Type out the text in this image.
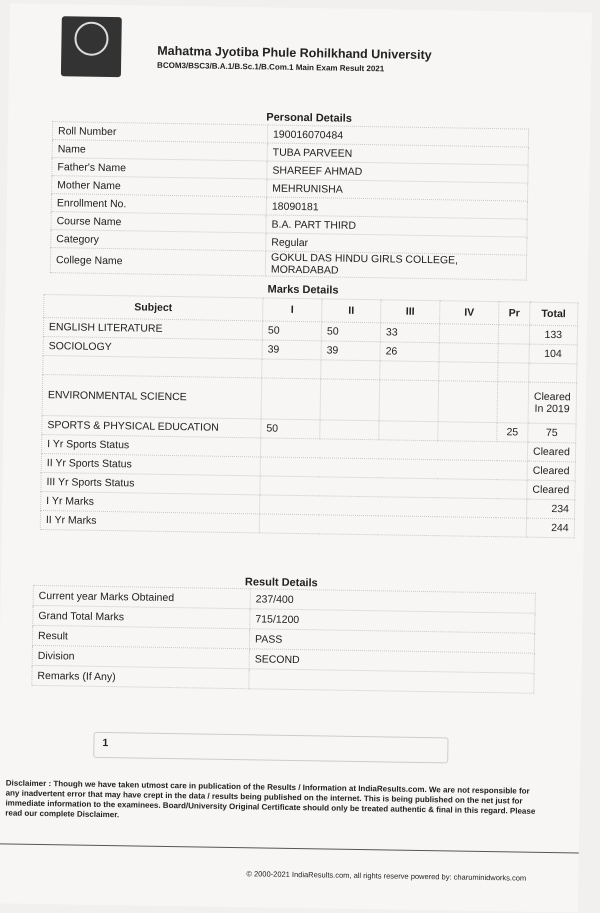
Mahatma Jyotiba Phule Rohilkhand University
BCOM3/BSC3/B.A.1/B.Sc.1/B.Com.1 Main Exam Result 2021
Personal Details
Roll Number	190016070484
Name	TUBA PARVEEN
Father's Name	SHAREEF AHMAD
Mother Name	MEHRUNISHA
Enrollment No.	18090181
Course Name	B.A. PART THIRD
Category	Regular
College Name	GOKUL DAS HINDU GIRLS COLLEGE, MORADABAD
Marks Details
Subject	I	II	III	IV	Pr	Total
ENGLISH LITERATURE	50	50	33			133
SOCIOLOGY	39	39	26			104

ENVIRONMENTAL SCIENCE						Cleared In 2019
SPORTS & PHYSICAL EDUCATION	50				25	75
I Yr Sports Status						Cleared
II Yr Sports Status						Cleared
III Yr Sports Status						Cleared
I Yr Marks						234
II Yr Marks						244
Result Details
Current year Marks Obtained	237/400
Grand Total Marks	715/1200
Result	PASS
Division	SECOND
Remarks (If Any)	
1
Disclaimer : Though we have taken utmost care in publication of the Results / Information at IndiaResults.com. We are not responsible for any inadvertent error that may have crept in the data / results being published on the internet. This is being published on the net just for immediate information to the examinees. Board/University Original Certificate should only be treated authentic & final in this regard. Please read our complete Disclaimer.
© 2000-2021 IndiaResults.com, all rights reserve powered by: charuminidworks.com
